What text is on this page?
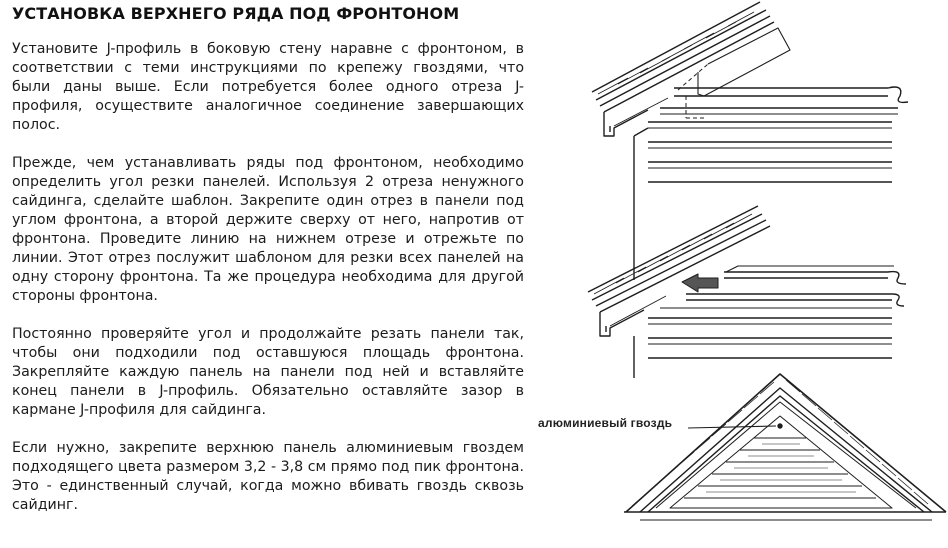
УСТАНОВКА ВЕРХНЕГО РЯДА ПОД ФРОНТОНОМ

Установите J-профиль в боковую стену наравне с фронтоном, в соответствии с теми инструкциями по крепежу гвоздями, что были даны выше. Если потребуется более одного отреза J-профиля, осуществите аналогичное соединение завершающих полос.

Прежде, чем устанавливать ряды под фронтоном, необходимо определить угол резки панелей. Используя 2 отреза ненужного сайдинга, сделайте шаблон. Закрепите один отрез в панели под углом фронтона, а второй держите сверху от него, напротив от фронтона. Проведите линию на нижнем отрезе и отрежьте по линии. Этот отрез послужит шаблоном для резки всех панелей на одну сторону фронтона. Та же процедура необходима для другой стороны фронтона.

Постоянно проверяйте угол и продолжайте резать панели так, чтобы они подходили под оставшуюся площадь фронтона. Закрепляйте каждую панель на панели под ней и вставляйте конец панели в J-профиль. Обязательно оставляйте зазор в кармане J-профиля для сайдинга.

Если нужно, закрепите верхнюю панель алюминиевым гвоздем подходящего цвета размером 3,2 - 3,8 см прямо под пик фронтона. Это - единственный случай, когда можно вбивать гвоздь сквозь сайдинг.

алюминиевый гвоздь
